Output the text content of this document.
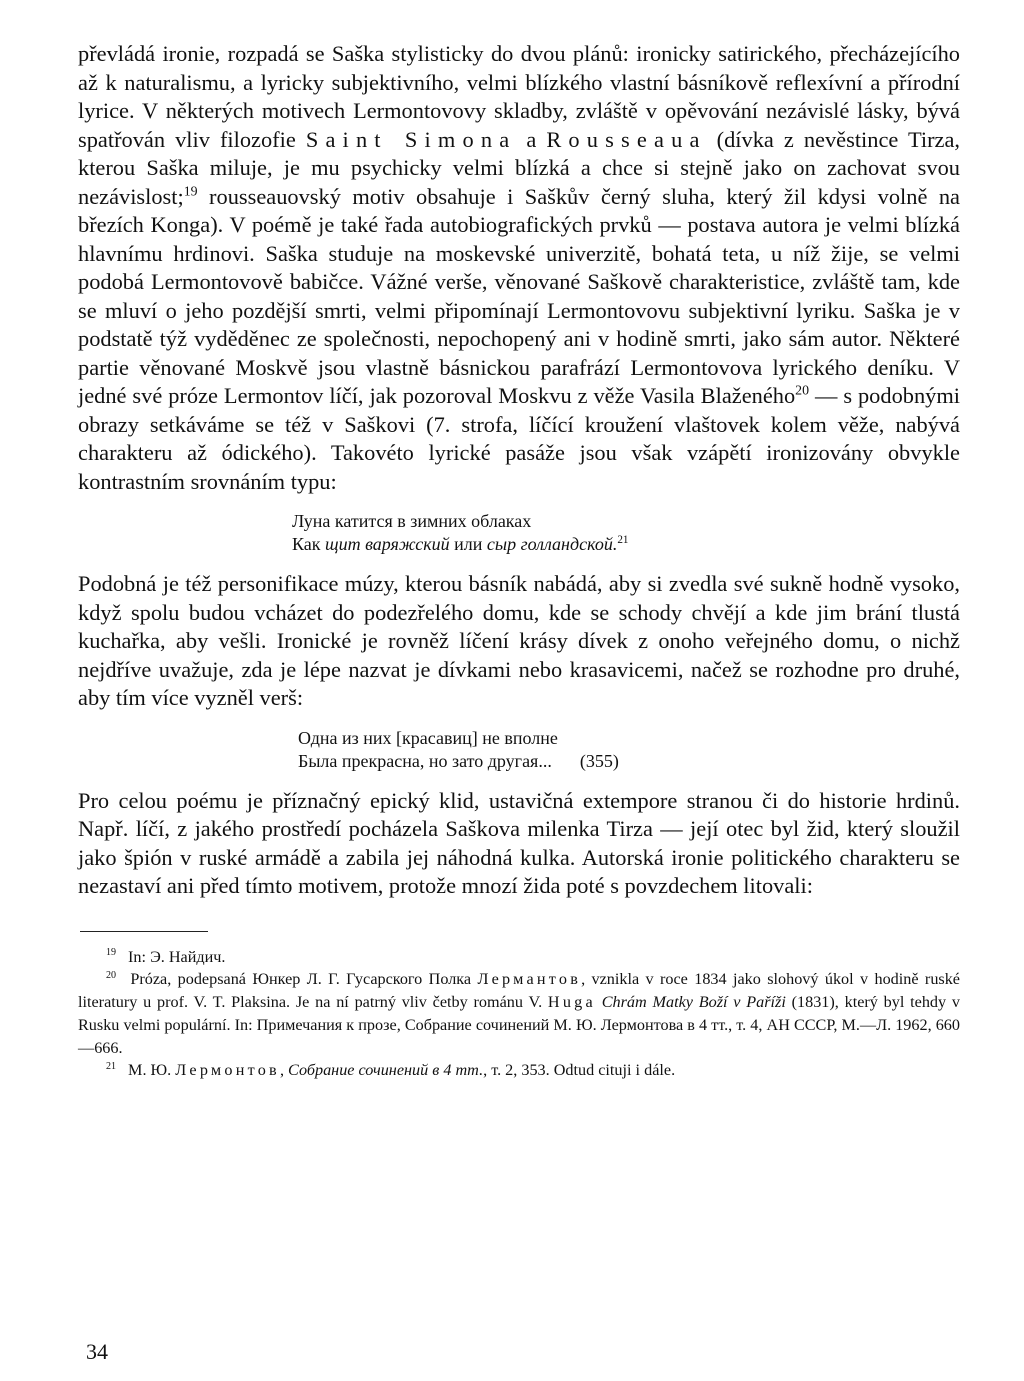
převládá ironie, rozpadá se Saška stylisticky do dvou plánů: ironicky satirického, přecházejícího až k naturalismu, a lyricky subjektivního, velmi blízkého vlastní básníkově reflexívní a přírodní lyrice. V některých motivech Lermontovovy skladby, zvláště v opěvování nezávislé lásky, bývá spatřován vliv filozofie Saint Simona a Rousseaua (dívka z nevěstince Tirza, kterou Saška miluje, je mu psychicky velmi blízká a chce si stejně jako on zachovat svou nezávislost;$^{19}$ rousseauovský motiv obsahuje i Saškův černý sluha, který žil kdysi volně na březích Konga). V poémě je také řada autobiografických prvků — postava autora je velmi blízká hlavnímu hrdinovi. Saška studuje na moskevské univerzitě, bohatá teta, u níž žije, se velmi podobá Lermontovově babičce. Vážné verše, věnované Saškově charakteristice, zvláště tam, kde se mluví o jeho pozdější smrti, velmi připomínají Lermontovovu subjektivní lyriku. Saška je v podstatě týž vyděděnec ze společnosti, nepochopený ani v hodině smrti, jako sám autor. Některé partie věnované Moskvě jsou vlastně básnickou parafrází Lermontovova lyrického deníku. V jedné své próze Lermontov líčí, jak pozoroval Moskvu z věže Vasila Blaženého$^{20}$ — s podobnými obrazy setkáváme se též v Saškovi (7. strofa, líčící kroužení vlaštovek kolem věže, nabývá charakteru až ódického). Takovéto lyrické pasáže jsou však vzápětí ironizovány obvykle kontrastním srovnáním typu:

Луна катится в зимних облаках
Как щит варяжский или сыр голландской.$^{21}$

Podobná je též personifikace múzy, kterou básník nabádá, aby si zvedla své sukně hodně vysoko, když spolu budou vcházet do podezřelého domu, kde se schody chvějí a kde jim brání tlustá kuchařka, aby vešli. Ironické je rovněž líčení krásy dívek z onoho veřejného domu, o nichž nejdříve uvažuje, zda je lépe nazvat je dívkami nebo krasavicemi, načež se rozhodne pro druhé, aby tím více vyzněl verš:

Одна из них [красавиц] не вполне
Была прекрасна, но зато другая... (355)

Pro celou poému je příznačný epický klid, ustavičná extempore stranou či do historie hrdinů. Např. líčí, z jakého prostředí pocházela Saškova milenka Tirza — její otec byl žid, který sloužil jako špión v ruské armádě a zabila jej náhodná kulka. Autorská ironie politického charakteru se nezastaví ani před tímto motivem, protože mnozí žida poté s povzdechem litovali:

$^{19}$ In: Э. Найдич.
$^{20}$ Próza, podepsaná Юнкер Л. Г. Гусарского Полка Лермантов, vznikla v roce 1834 jako slohový úkol v hodině ruské literatury u prof. V. T. Plaksina. Je na ní patrný vliv četby románu V. Huga Chrám Matky Boží v Paříži (1831), který byl tehdy v Rusku velmi populární. In: Примечания к прозе, Собрание сочинений М. Ю. Лермонтова в 4 тт., т. 4, АН СССР, М.—Л. 1962, 660—666.
$^{21}$ М. Ю. Лермонтов, Собрание сочинений в 4 тт., т. 2, 353. Odtud cituji i dále.
34
